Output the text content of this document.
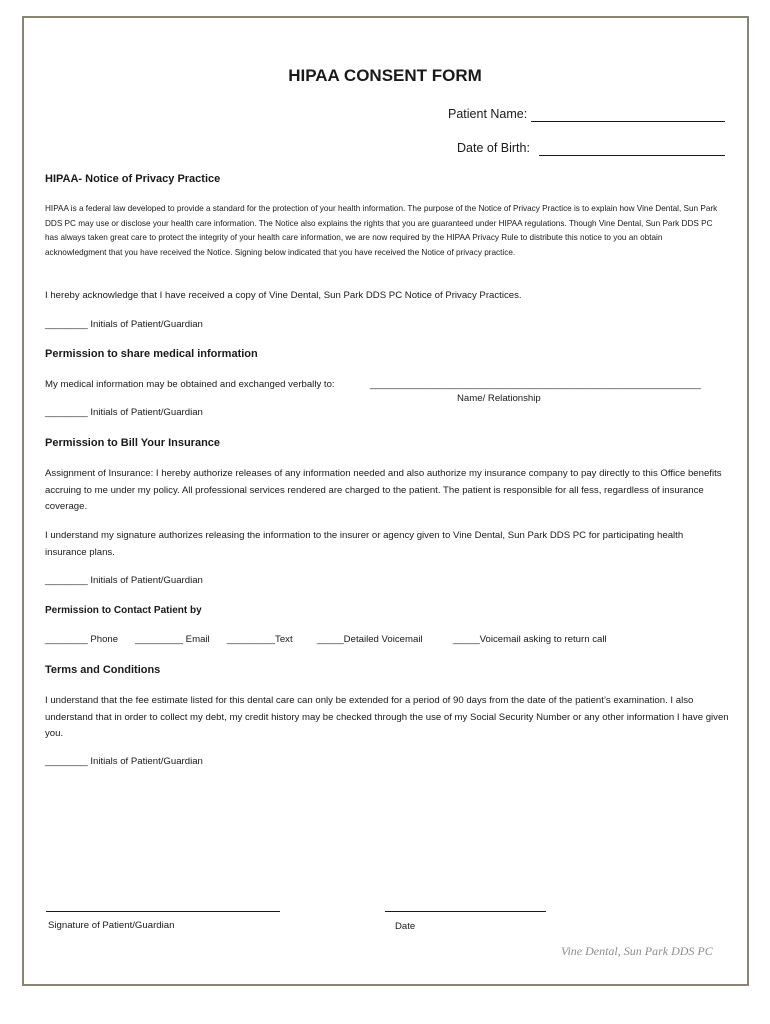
HIPAA CONSENT FORM
Patient Name:
Date of Birth:
HIPAA- Notice of Privacy Practice
HIPAA is a federal law developed to provide a standard for the protection of your health information. The purpose of the Notice of Privacy Practice is to explain how Vine Dental, Sun Park DDS PC may use or disclose your health care information. The Notice also explains the rights that you are guaranteed under HIPAA regulations. Though Vine Dental, Sun Park DDS PC has always taken great care to protect the integrity of your health care information, we are now required by the HIPAA Privacy Rule to distribute this notice to you an obtain acknowledgment that you have received the Notice. Signing below indicated that you have received the Notice of privacy practice.
I hereby acknowledge that I have received a copy of Vine Dental, Sun Park DDS PC Notice of Privacy Practices.
________ Initials of Patient/Guardian
Permission to share medical information
My medical information may be obtained and exchanged verbally to:	______________________________________________________________
Name/ Relationship
________ Initials of Patient/Guardian
Permission to Bill Your Insurance
Assignment of Insurance: I hereby authorize releases of any information needed and also authorize my insurance company to pay directly to this Office benefits accruing to me under my policy. All professional services rendered are charged to the patient. The patient is responsible for all fess, regardless of insurance coverage.
I understand my signature authorizes releasing the information to the insurer or agency given to Vine Dental, Sun Park DDS PC for participating health insurance plans.
________ Initials of Patient/Guardian
Permission to Contact Patient by
________ Phone _________ Email _________Text	_____Detailed Voicemail	_____Voicemail asking to return call
Terms and Conditions
I understand that the fee estimate listed for this dental care can only be extended for a period of 90 days from the date of the patient’s examination. I also understand that in order to collect my debt, my credit history may be checked through the use of my Social Security Number or any other information I have given you.
________ Initials of Patient/Guardian
Signature of Patient/Guardian	Date
Vine Dental, Sun Park DDS PC
